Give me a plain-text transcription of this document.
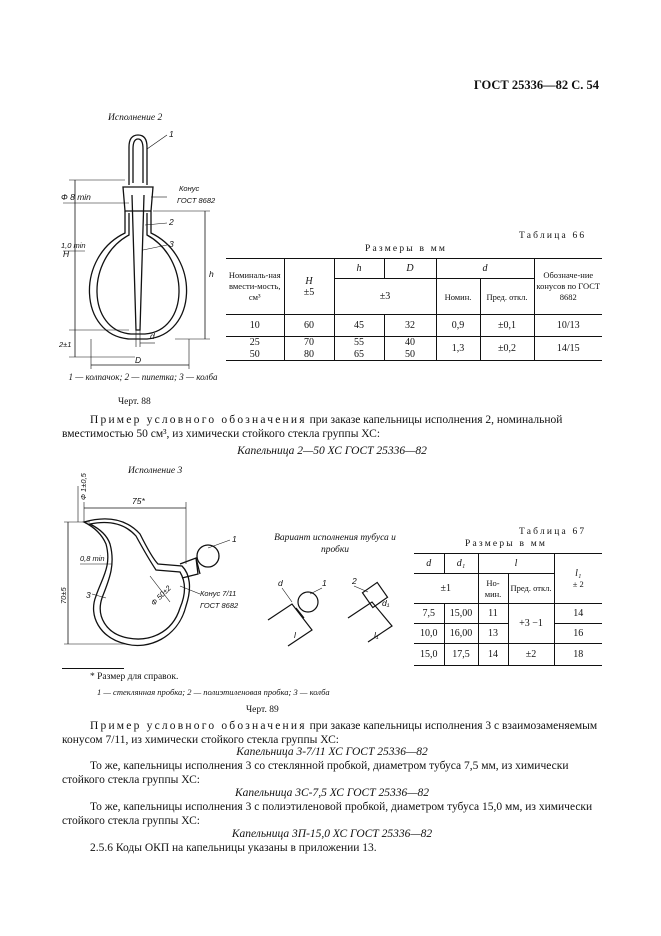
ГОСТ 25336—82 С. 54
Исполнение 2
1
2
3
Ф 8 min
Конус
ГОСТ 8682
1,0 min
H
h
d
D
2±1
1 — колпачок; 2 — пипетка; 3 — колба
Черт. 88
Таблица 66
Размеры в мм
Номиналь-ная вмести-мость, см³	H
±5	h	D	d		Обозначе-ние конусов по ГОСТ 8682
		±3		Номин.	Пред. откл.	
10	60	45	32	0,9	±0,1	10/13
25	70	55	40	1,3	±0,2	14/15
50	80	65	50			
Пример условного обозначения при заказе капельницы исполнения 2, номинальной вместимостью 50 см³, из химически стойкого стекла группы ХС:
Капельница 2—50 ХС ГОСТ 25336—82
Исполнение 3
Ф 1±0,5
75*
0,8 min
70±5
1
3	Ф 50±2	Конус 7/11
ГОСТ 8682
Вариант исполнения тубуса и пробки
d	1	2
l
d₁
l₁
Таблица 67
Размеры в мм
d	d₁	l		l₁
± 2

±1		Но-мин.	Пред. откл.	
7,5	15,00	11	+3 −1	14
10,0	16,00	13		16
15,0	17,5	14	±2	18
* Размер для справок.
1 — стеклянная пробка; 2 — полиэтиленовая пробка; 3 — колба
Черт. 89
Пример условного обозначения при заказе капельницы исполнения 3 с взаимозаменяемым конусом 7/11, из химически стойкого стекла группы ХС:
Капельница 3-7/11 ХС ГОСТ 25336—82
То же, капельницы исполнения 3 со стеклянной пробкой, диаметром тубуса 7,5 мм, из химически стойкого стекла группы ХС:
Капельница 3С-7,5 ХС ГОСТ 25336—82
То же, капельницы исполнения 3 с полиэтиленовой пробкой, диаметром тубуса 15,0 мм, из химически стойкого стекла группы ХС:
Капельница 3П-15,0 ХС ГОСТ 25336—82
2.5.6 Коды ОКП на капельницы указаны в приложении 13.
